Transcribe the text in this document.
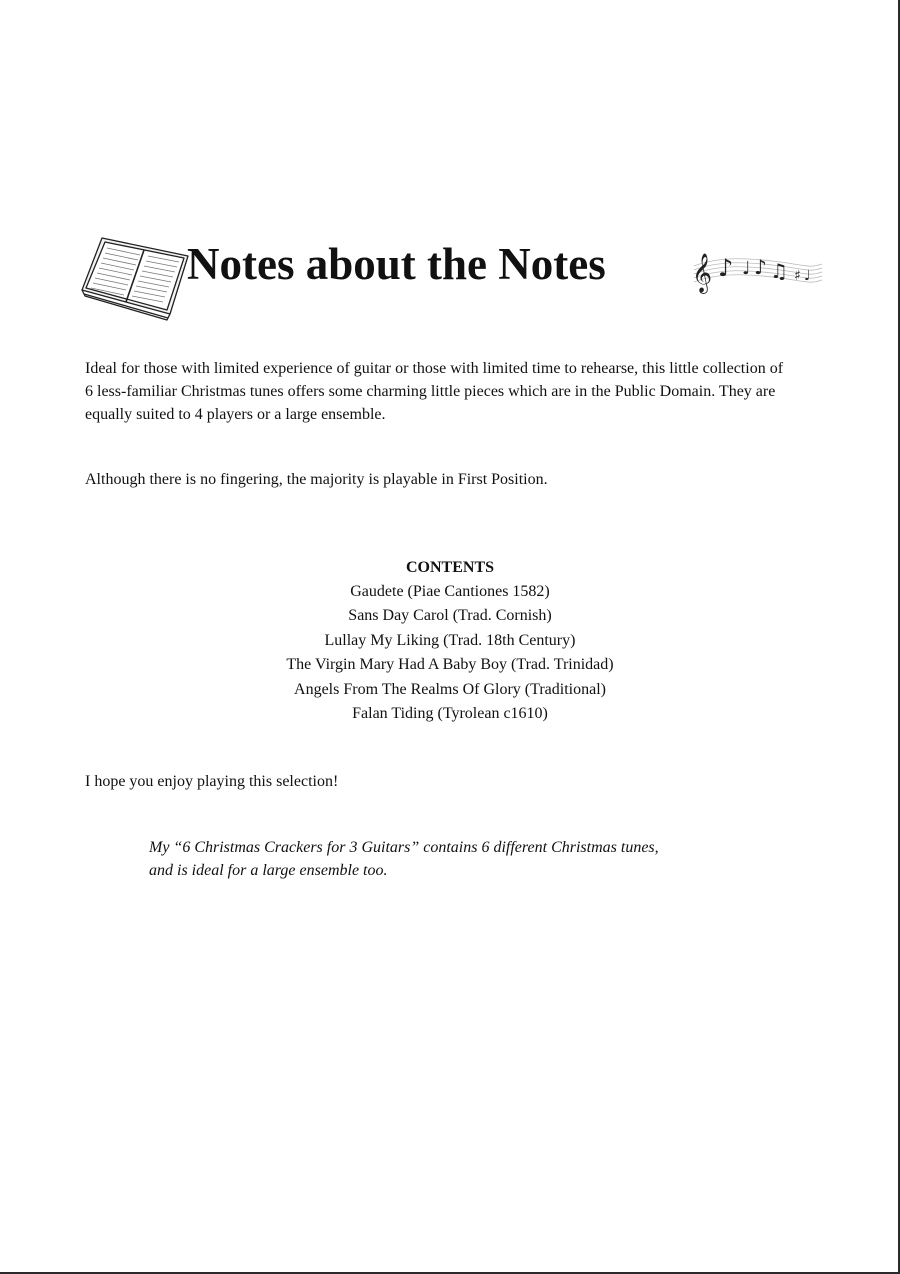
Notes about the Notes	𝄞 ♪ ♩ ♪ ♫ ♯ ♩

Ideal for those with limited experience of guitar or those with limited time to rehearse, this little collection of 6 less-familiar Christmas tunes offers some charming little pieces which are in the Public Domain. They are equally suited to 4 players or a large ensemble.

Although there is no fingering, the majority is playable in First Position.

CONTENTS
Gaudete (Piae Cantiones 1582)
Sans Day Carol (Trad. Cornish)
Lullay My Liking (Trad. 18th Century)
The Virgin Mary Had A Baby Boy (Trad. Trinidad)
Angels From The Realms Of Glory (Traditional)
Falan Tiding (Tyrolean c1610)

I hope you enjoy playing this selection!

My “6 Christmas Crackers for 3 Guitars” contains 6 different Christmas tunes,
and is ideal for a large ensemble too.
